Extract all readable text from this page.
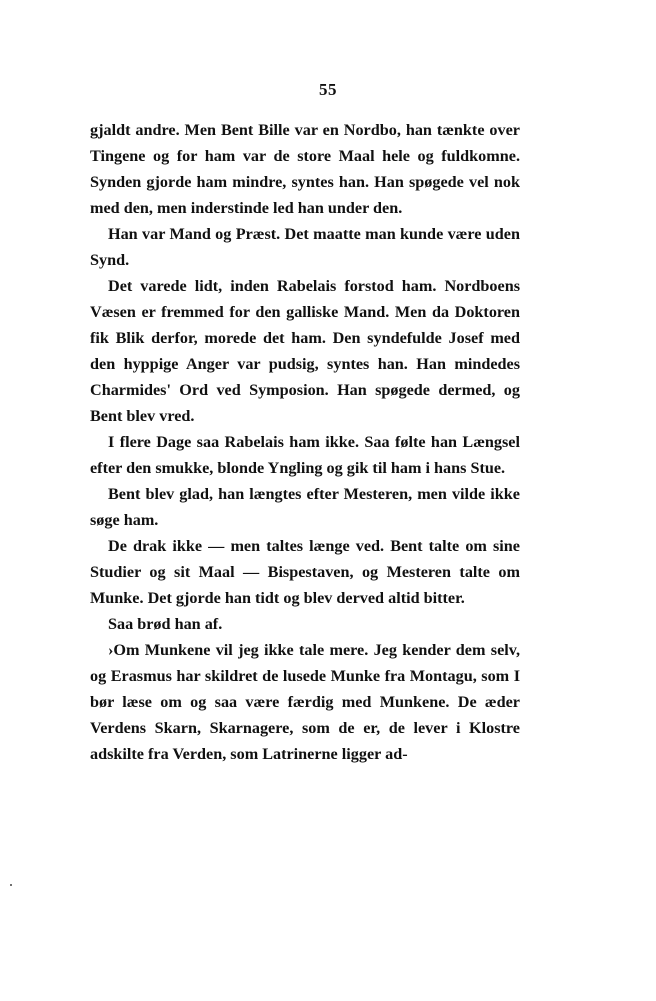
55

gjaldt andre. Men Bent Bille var en Nordbo, han tænkte over Tingene og for ham var de store Maal hele og fuldkomne. Synden gjorde ham mindre, syntes han. Han spøgede vel nok med den, men inderstinde led han under den.

Han var Mand og Præst. Det maatte man kunde være uden Synd.

Det varede lidt, inden Rabelais forstod ham. Nordboens Væsen er fremmed for den galliske Mand. Men da Doktoren fik Blik derfor, morede det ham. Den syndefulde Josef med den hyppige Anger var pudsig, syntes han. Han mindedes Charmides' Ord ved Symposion. Han spøgede dermed, og Bent blev vred.

I flere Dage saa Rabelais ham ikke. Saa følte han Længsel efter den smukke, blonde Yngling og gik til ham i hans Stue.

Bent blev glad, han længtes efter Mesteren, men vilde ikke søge ham.

De drak ikke — men taltes længe ved. Bent talte om sine Studier og sit Maal — Bispestaven, og Mesteren talte om Munke. Det gjorde han tidt og blev derved altid bitter.

Saa brød han af.

›Om Munkene vil jeg ikke tale mere. Jeg kender dem selv, og Erasmus har skildret de lusede Munke fra Montagu, som I bør læse om og saa være færdig med Munkene. De æder Verdens Skarn, Skarnagere, som de er, de lever i Klostre adskilte fra Verden, som Latrinerne ligger ad-
